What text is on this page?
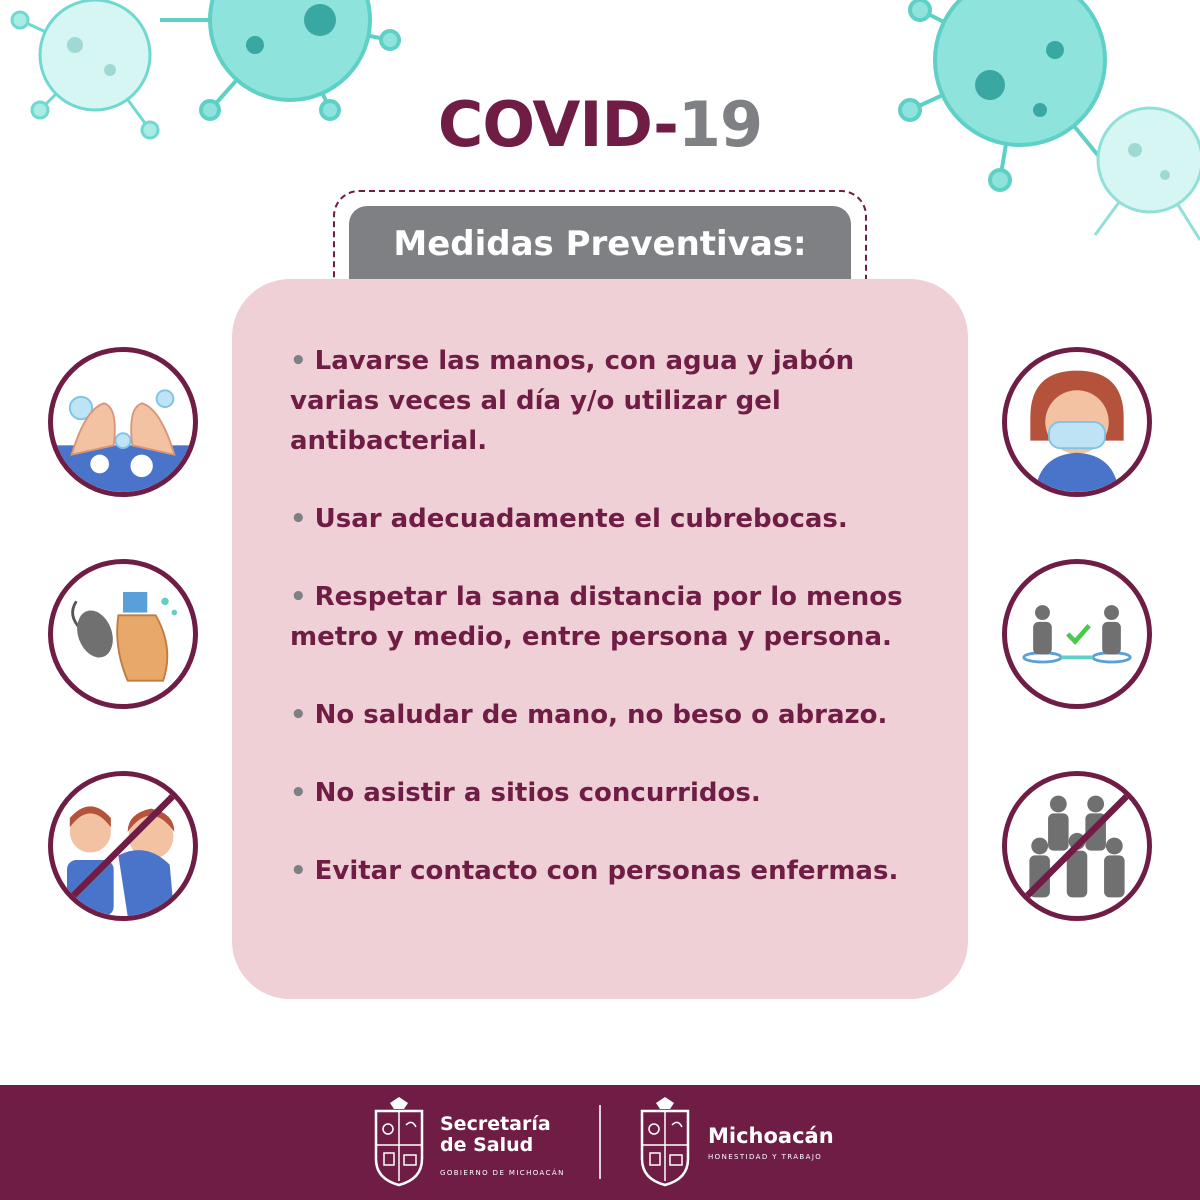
COVID-19
Medidas Preventivas:
• Lavarse las manos, con agua y jabón varias veces al día y/o utilizar gel antibacterial.
• Usar adecuadamente el cubrebocas.
• Respetar la sana distancia por lo menos metro y medio, entre persona y persona.
• No saludar de mano, no beso o abrazo.
• No asistir a sitios concurridos.
• Evitar contacto con personas enfermas.
Secretaría
de Salud
GOBIERNO DE MICHOACÁN
Michoacán
HONESTIDAD Y TRABAJO
